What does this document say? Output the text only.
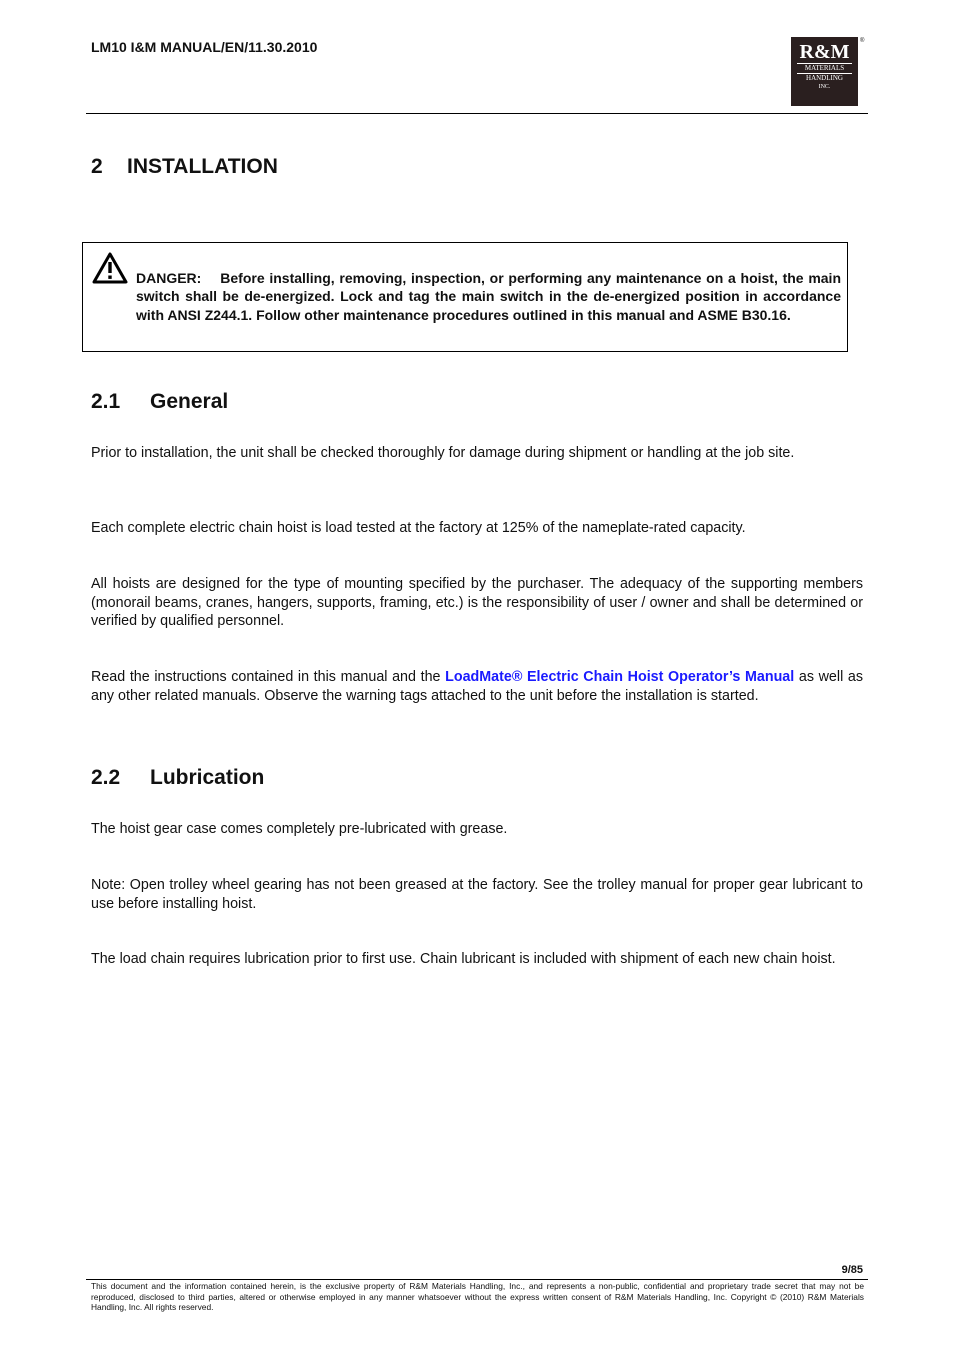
LM10 I&M MANUAL/EN/11.30.2010	R&M
MATERIALS
HANDLING
INC.
®
2 INSTALLATION
DANGER: Before installing, removing, inspection, or performing any maintenance on a hoist, the main switch shall be de-energized. Lock and tag the main switch in the de-energized position in accordance with ANSI Z244.1. Follow other maintenance procedures outlined in this manual and ASME B30.16.
2.1 General

Prior to installation, the unit shall be checked thoroughly for damage during shipment or handling at the job site.

Each complete electric chain hoist is load tested at the factory at 125% of the nameplate-rated capacity.

All hoists are designed for the type of mounting specified by the purchaser. The adequacy of the supporting members (monorail beams, cranes, hangers, supports, framing, etc.) is the responsibility of user / owner and shall be determined or verified by qualified personnel.

Read the instructions contained in this manual and the LoadMate® Electric Chain Hoist Operator’s Manual as well as any other related manuals. Observe the warning tags attached to the unit before the installation is started.

2.2 Lubrication

The hoist gear case comes completely pre-lubricated with grease.

Note: Open trolley wheel gearing has not been greased at the factory. See the trolley manual for proper gear lubricant to use before installing hoist.

The load chain requires lubrication prior to first use. Chain lubricant is included with shipment of each new chain hoist.

9/85
This document and the information contained herein, is the exclusive property of R&M Materials Handling, Inc., and represents a non-public, confidential and proprietary trade secret that may not be reproduced, disclosed to third parties, altered or otherwise employed in any manner whatsoever without the express written consent of R&M Materials Handling, Inc. Copyright © (2010) R&M Materials Handling, Inc. All rights reserved.
